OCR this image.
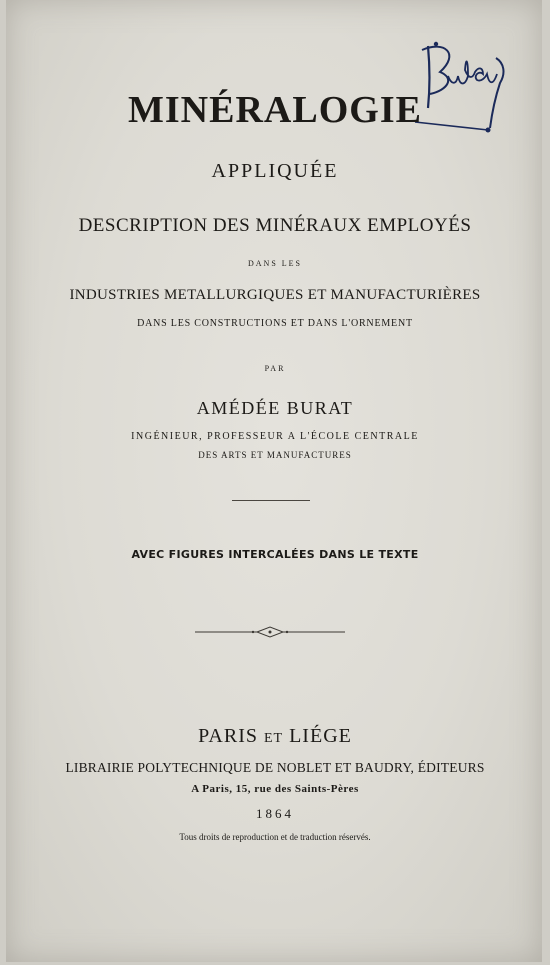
MINÉRALOGIE
APPLIQUÉE
DESCRIPTION DES MINÉRAUX EMPLOYÉS
DANS LES
INDUSTRIES METALLURGIQUES ET MANUFACTURIÈRES
DANS LES CONSTRUCTIONS ET DANS L'ORNEMENT
PAR
AMÉDÉE BURAT
INGÉNIEUR, PROFESSEUR A L'ÉCOLE CENTRALE
DES ARTS ET MANUFACTURES
AVEC FIGURES INTERCALÉES DANS LE TEXTE
PARIS ET LIÉGE
LIBRAIRIE POLYTECHNIQUE DE NOBLET ET BAUDRY, ÉDITEURS
A Paris, 15, rue des Saints-Pères
1864
Tous droits de reproduction et de traduction réservés.
